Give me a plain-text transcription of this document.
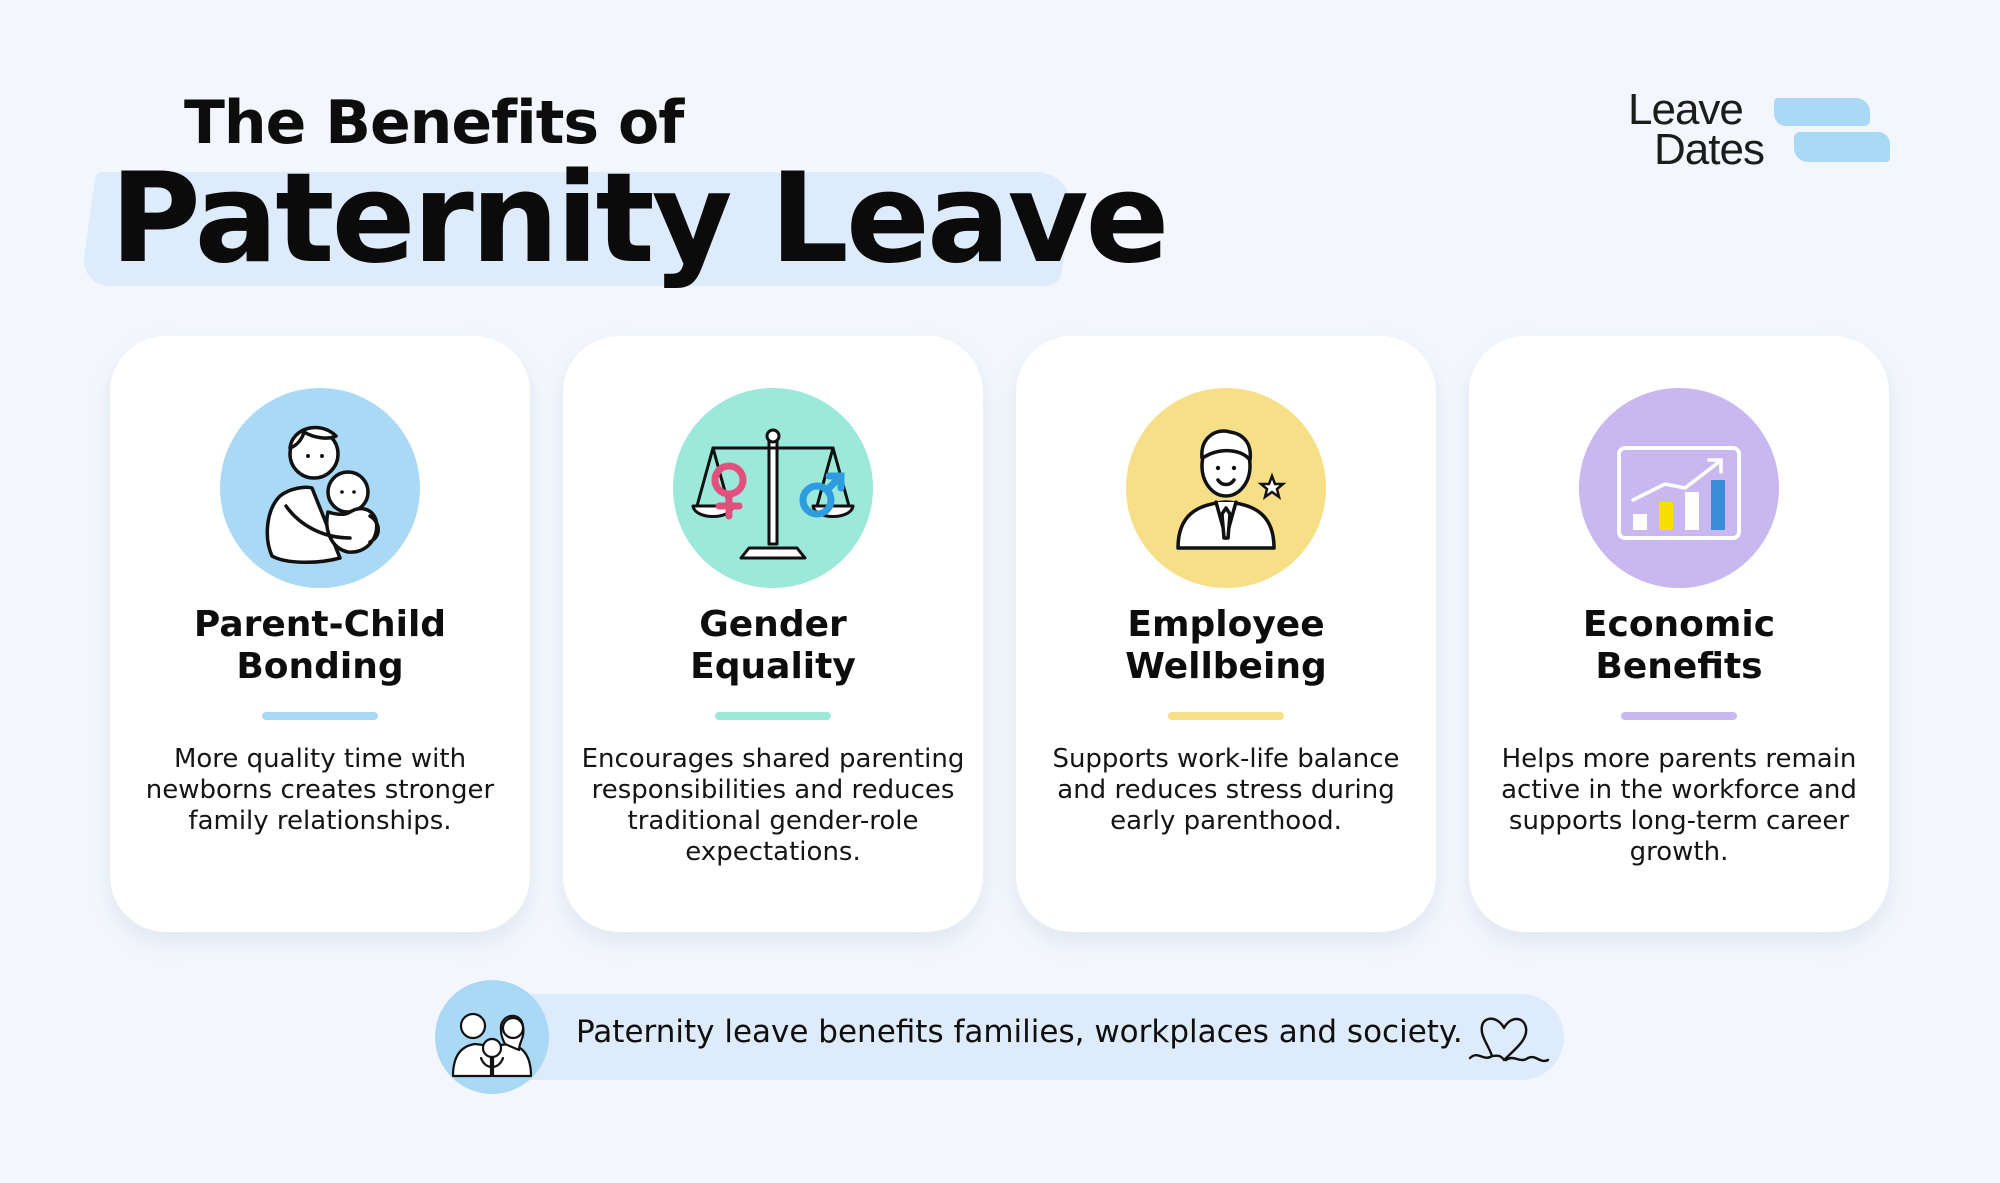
The Benefits of
Paternity Leave
Leave
Dates
Parent-Child
Bonding
More quality time with newborns creates stronger family relationships.
Gender
Equality
Encourages shared parenting responsibilities and reduces traditional gender-role expectations.
Employee
Wellbeing
Supports work-life balance and reduces stress during early parenthood.
Economic
Benefits
Helps more parents remain active in the workforce and supports long-term career growth.
Paternity leave benefits families, workplaces and society.
